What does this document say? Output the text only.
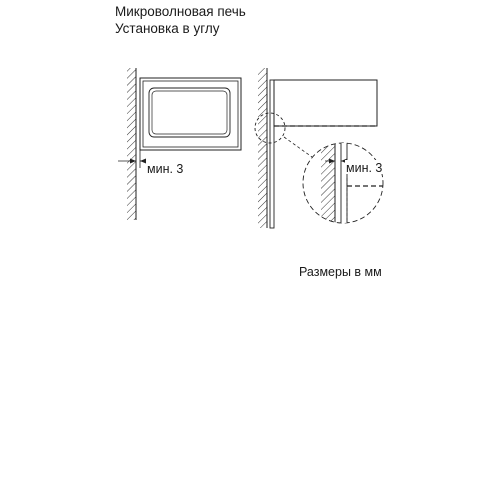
Микроволновая печь
Установка в углу
мин. 3	мин. 3
Размеры в мм
